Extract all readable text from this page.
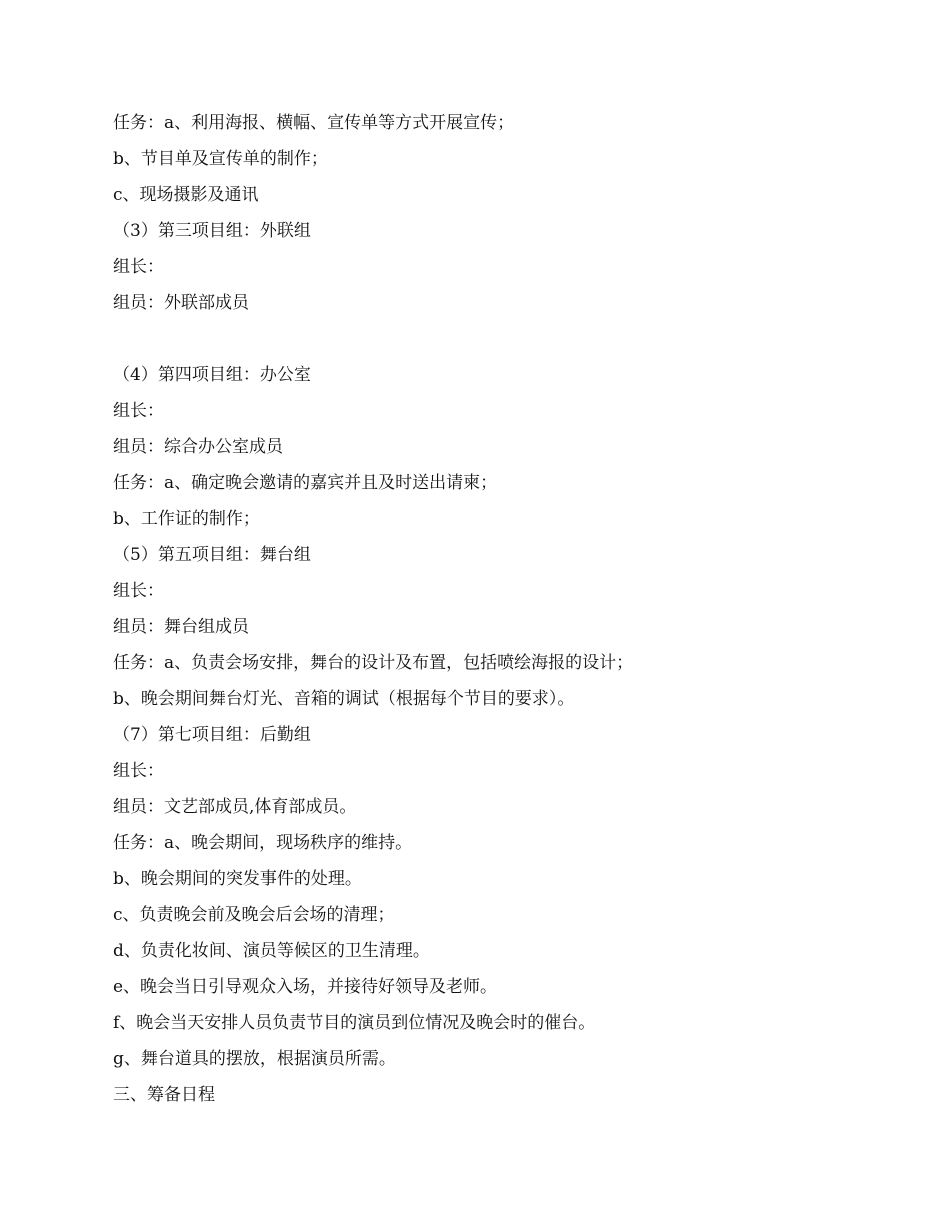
任务：a、利用海报、横幅、宣传单等方式开展宣传；
b、节目单及宣传单的制作；
c、现场摄影及通讯
（3）第三项目组：外联组
组长：
组员：外联部成员
（4）第四项目组：办公室
组长：
组员：综合办公室成员
任务：a、确定晚会邀请的嘉宾并且及时送出请柬；
b、工作证的制作；
（5）第五项目组：舞台组
组长：
组员：舞台组成员
任务：a、负责会场安排，舞台的设计及布置，包括喷绘海报的设计；
b、晚会期间舞台灯光、音箱的调试（根据每个节目的要求）。
（7）第七项目组：后勤组
组长：
组员：文艺部成员,体育部成员。
任务：a、晚会期间，现场秩序的维持。
b、晚会期间的突发事件的处理。
c、负责晚会前及晚会后会场的清理；
d、负责化妆间、演员等候区的卫生清理。
e、晚会当日引导观众入场，并接待好领导及老师。
f、晚会当天安排人员负责节目的演员到位情况及晚会时的催台。
g、舞台道具的摆放，根据演员所需。
三、筹备日程
